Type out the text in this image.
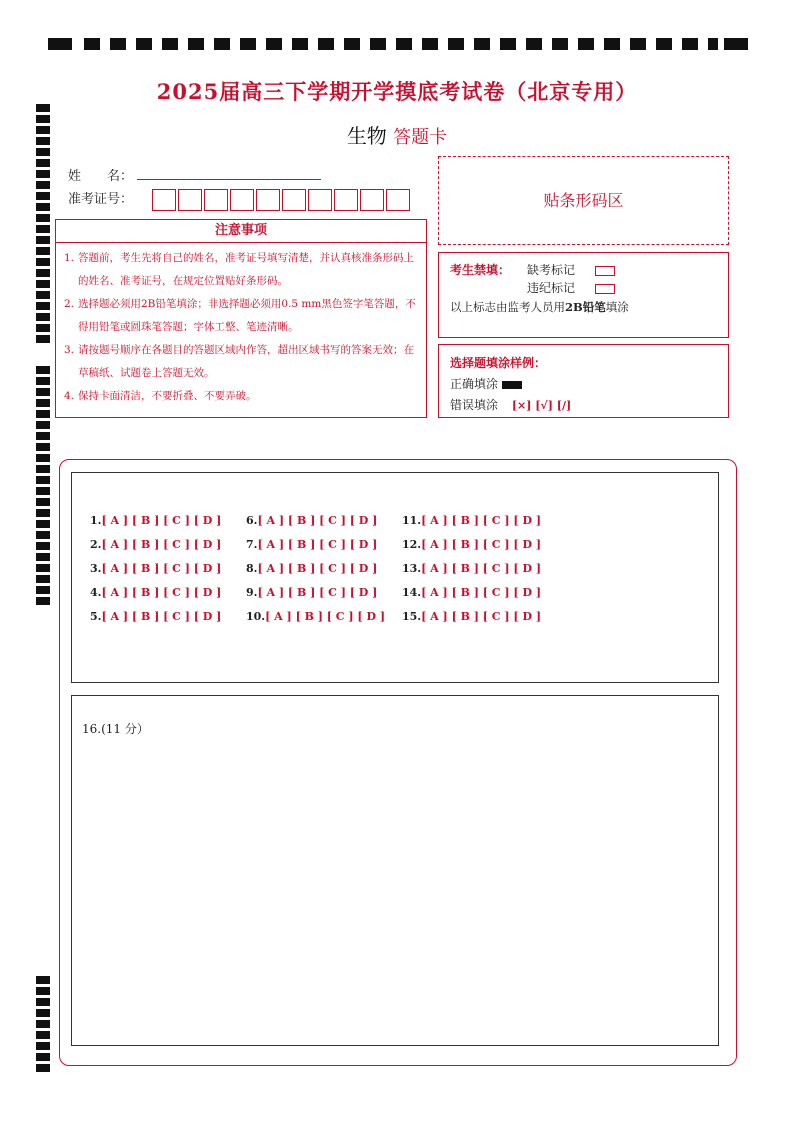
2025届高三下学期开学摸底考试卷（北京专用）
生物 答题卡
姓　　名：
准考证号：	贴条形码区
注意事项
1. 答题前，考生先将自己的姓名，准考证号填写清楚，并认真核准条形码上的姓名、准考证号，在规定位置贴好条形码。
2. 选择题必须用2B铅笔填涂；非选择题必须用0.5 mm黑色签字笔答题，不得用铅笔或圆珠笔答题；字体工整、笔迹清晰。
3. 请按题号顺序在各题目的答题区域内作答，超出区域书写的答案无效；在草稿纸、试题卷上答题无效。
4. 保持卡面清洁，不要折叠、不要弄破。
考生禁填： 缺考标记
违纪标记
以上标志由监考人员用2B铅笔填涂
选择题填涂样例：
正确填涂
错误填涂 [×] [√] [/]
1.[ A ] [ B ] [ C ] [ D ]
2.[ A ] [ B ] [ C ] [ D ]
3.[ A ] [ B ] [ C ] [ D ]
4.[ A ] [ B ] [ C ] [ D ]
5.[ A ] [ B ] [ C ] [ D ]
6.[ A ] [ B ] [ C ] [ D ]
7.[ A ] [ B ] [ C ] [ D ]
8.[ A ] [ B ] [ C ] [ D ]
9.[ A ] [ B ] [ C ] [ D ]
10.[ A ] [ B ] [ C ] [ D ]
11.[ A ] [ B ] [ C ] [ D ]
12.[ A ] [ B ] [ C ] [ D ]
13.[ A ] [ B ] [ C ] [ D ]
14.[ A ] [ B ] [ C ] [ D ]
15.[ A ] [ B ] [ C ] [ D ]
16.(11 分）
